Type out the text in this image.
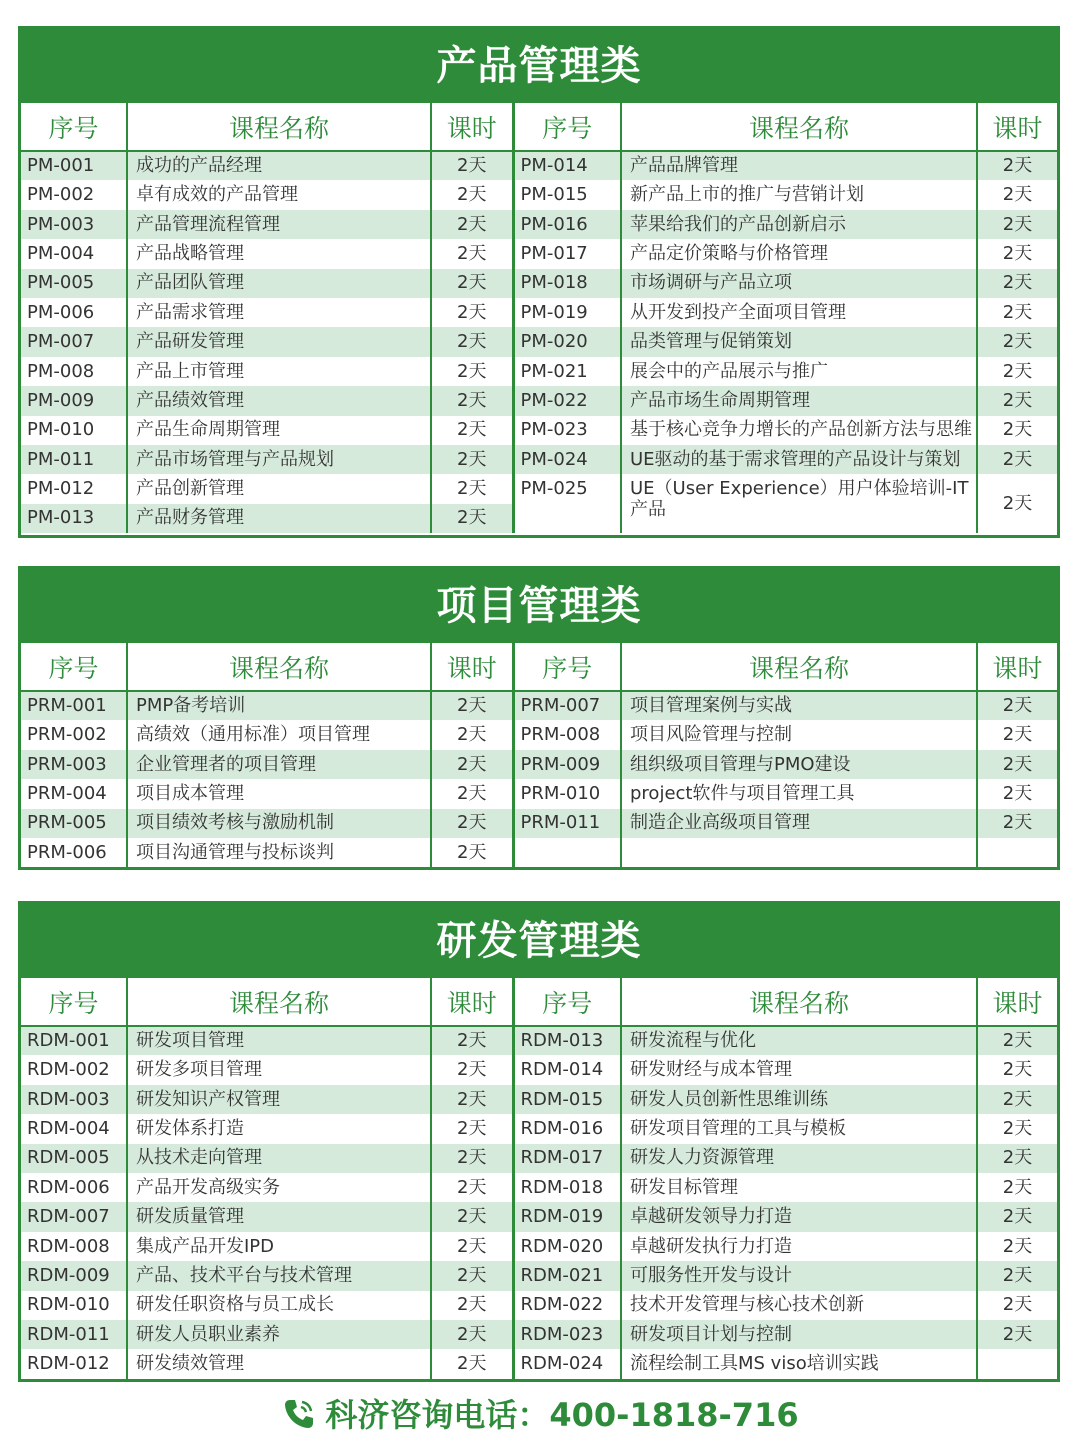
产品管理类
序号	课程名称	课时	序号	课程名称	课时
PM-001	成功的产品经理	2天	PM-014	产品品牌管理	2天
PM-002	卓有成效的产品管理	2天	PM-015	新产品上市的推广与营销计划	2天
PM-003	产品管理流程管理	2天	PM-016	苹果给我们的产品创新启示	2天
PM-004	产品战略管理	2天	PM-017	产品定价策略与价格管理	2天
PM-005	产品团队管理	2天	PM-018	市场调研与产品立项	2天
PM-006	产品需求管理	2天	PM-019	从开发到投产全面项目管理	2天
PM-007	产品研发管理	2天	PM-020	品类管理与促销策划	2天
PM-008	产品上市管理	2天	PM-021	展会中的产品展示与推广	2天
PM-009	产品绩效管理	2天	PM-022	产品市场生命周期管理	2天
PM-010	产品生命周期管理	2天	PM-023	基于核心竞争力增长的产品创新方法与思维	2天
PM-011	产品市场管理与产品规划	2天	PM-024	UE驱动的基于需求管理的产品设计与策划	2天
PM-012	产品创新管理	2天	PM-025	UE（User Experience）用户体验培训-IT产品	2天
PM-013	产品财务管理	2天			
项目管理类
序号	课程名称	课时	序号	课程名称	课时
PRM-001	PMP备考培训	2天	PRM-007	项目管理案例与实战	2天
PRM-002	高绩效（通用标准）项目管理	2天	PRM-008	项目风险管理与控制	2天
PRM-003	企业管理者的项目管理	2天	PRM-009	组织级项目管理与PMO建设	2天
PRM-004	项目成本管理	2天	PRM-010	project软件与项目管理工具	2天
PRM-005	项目绩效考核与激励机制	2天	PRM-011	制造企业高级项目管理	2天
PRM-006	项目沟通管理与投标谈判	2天			
研发管理类
序号	课程名称	课时	序号	课程名称	课时
RDM-001	研发项目管理	2天	RDM-013	研发流程与优化	2天
RDM-002	研发多项目管理	2天	RDM-014	研发财经与成本管理	2天
RDM-003	研发知识产权管理	2天	RDM-015	研发人员创新性思维训练	2天
RDM-004	研发体系打造	2天	RDM-016	研发项目管理的工具与模板	2天
RDM-005	从技术走向管理	2天	RDM-017	研发人力资源管理	2天
RDM-006	产品开发高级实务	2天	RDM-018	研发目标管理	2天
RDM-007	研发质量管理	2天	RDM-019	卓越研发领导力打造	2天
RDM-008	集成产品开发IPD	2天	RDM-020	卓越研发执行力打造	2天
RDM-009	产品、技术平台与技术管理	2天	RDM-021	可服务性开发与设计	2天
RDM-010	研发任职资格与员工成长	2天	RDM-022	技术开发管理与核心技术创新	2天
RDM-011	研发人员职业素养	2天	RDM-023	研发项目计划与控制	2天
RDM-012	研发绩效管理	2天	RDM-024	流程绘制工具MS viso培训实践	
科济咨询电话：400-1818-716
